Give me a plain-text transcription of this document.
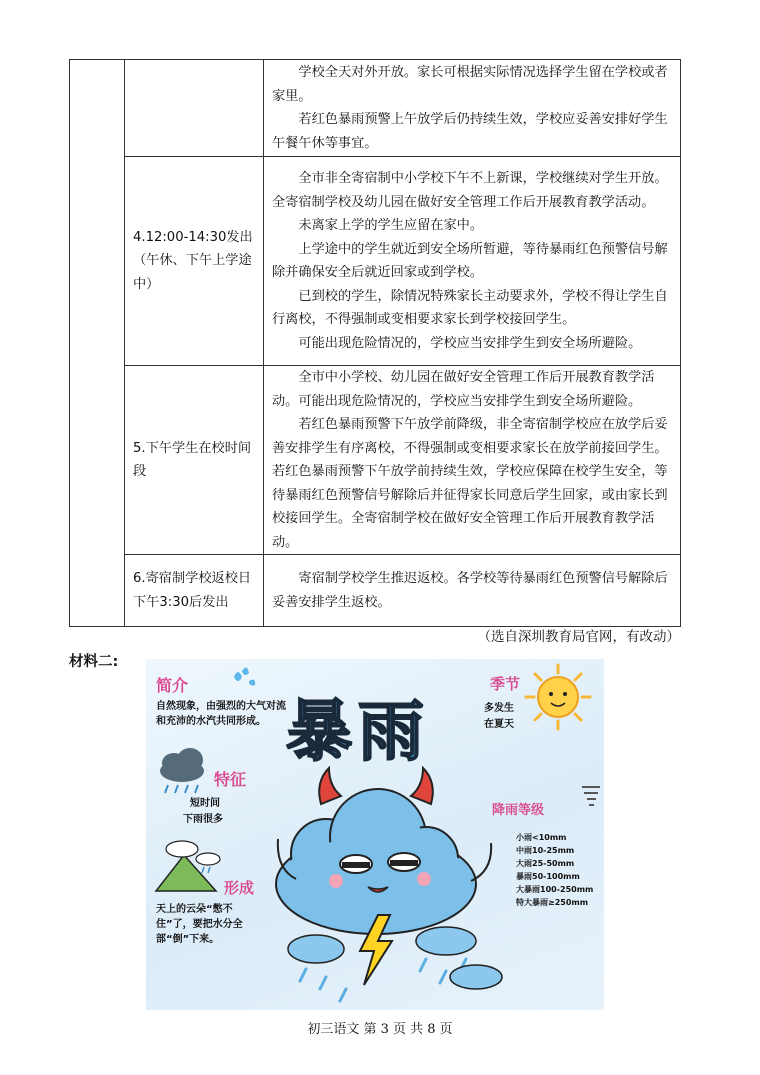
		学校全天对外开放。家长可根据实际情况选择学生留在学校或者家里。

若红色暴雨预警上午放学后仍持续生效，学校应妥善安排好学生午餐午休等事宜。

	4.12:00-14:30发出（午休、下午上学途中）	全市非全寄宿制中小学校下午不上新课，学校继续对学生开放。全寄宿制学校及幼儿园在做好安全管理工作后开展教育教学活动。

未离家上学的学生应留在家中。

上学途中的学生就近到安全场所暂避，等待暴雨红色预警信号解除并确保安全后就近回家或到学校。

已到校的学生，除情况特殊家长主动要求外，学校不得让学生自行离校，不得强制或变相要求家长到学校接回学生。

可能出现危险情况的，学校应当安排学生到安全场所避险。

	5.下午学生在校时间段	全市中小学校、幼儿园在做好安全管理工作后开展教育教学活动。可能出现危险情况的，学校应当安排学生到安全场所避险。

若红色暴雨预警下午放学前降级，非全寄宿制学校应在放学后妥善安排学生有序离校，不得强制或变相要求家长在放学前接回学生。若红色暴雨预警下午放学前持续生效，学校应保障在校学生安全，等待暴雨红色预警信号解除后并征得家长同意后学生回家，或由家长到校接回学生。全寄宿制学校在做好安全管理工作后开展教育教学活动。

	6.寄宿制学校返校日下午3:30后发出	寄宿制学校学生推迟返校。各学校等待暴雨红色预警信号解除后妥善安排学生返校。

（选自深圳教育局官网，有改动）
材料二:
简介
自然现象，由强烈的大气对流和充沛的水汽共同形成。 暴雨
季节
多发生
在夏天
特征
短时间
下雨很多
形成
天上的云朵“憋不住”了，要把水分全部“倒”下来。
降雨等级
小雨<10mm
中雨10-25mm
大雨25-50mm
暴雨50-100mm
大暴雨100-250mm
特大暴雨≥250mm
初三语文 第 3 页 共 8 页
